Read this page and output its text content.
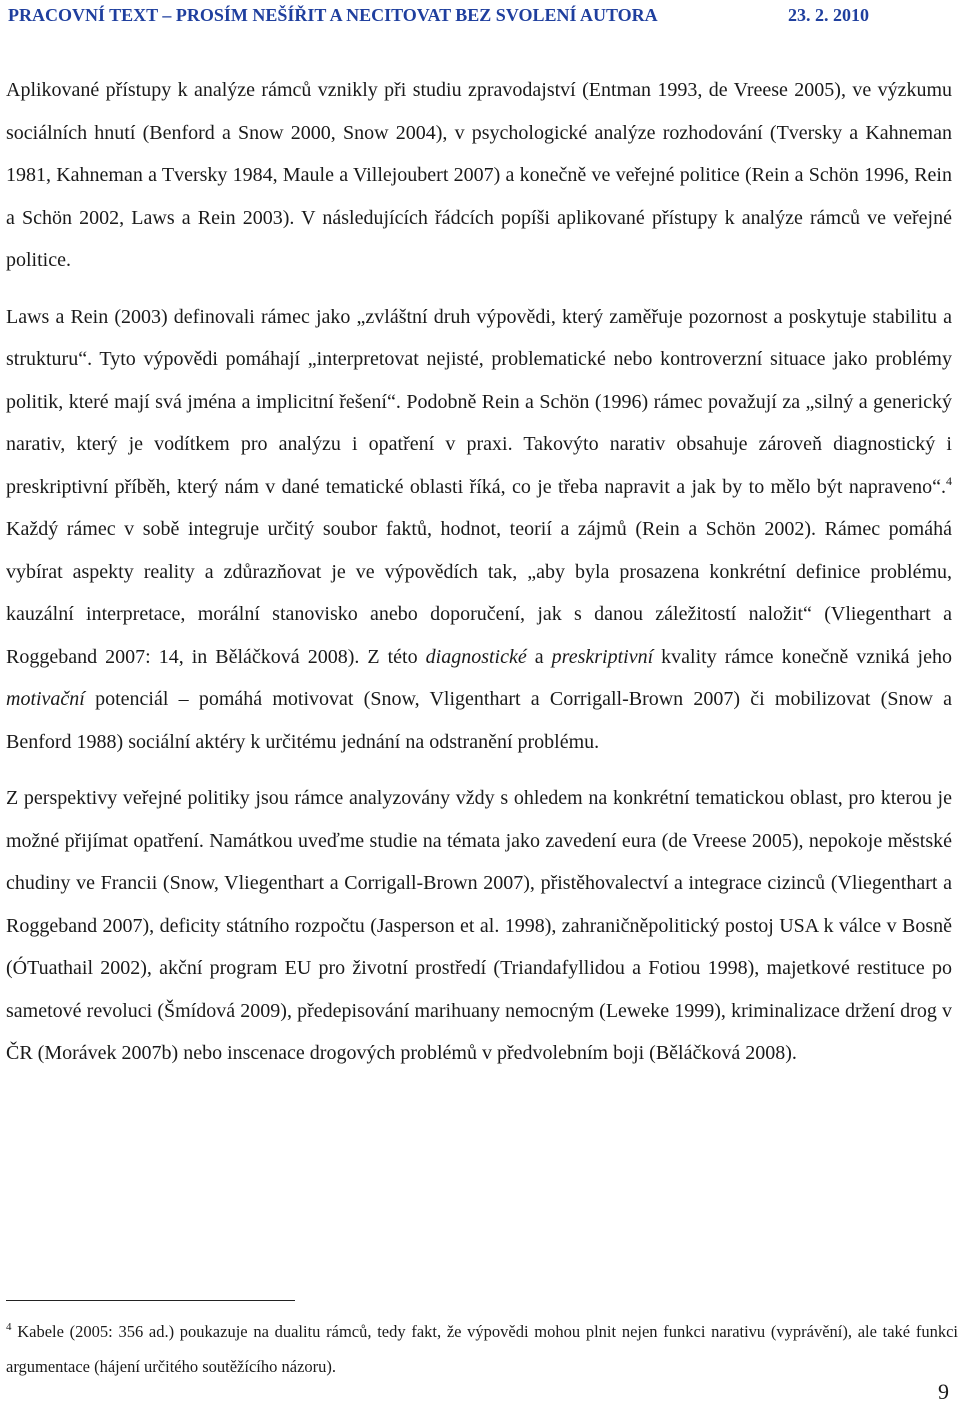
PRACOVNÍ TEXT – PROSÍM NEŠÍŘIT A NECITOVAT BEZ SVOLENÍ AUTORA	23. 2. 2010

Aplikované přístupy k analýze rámců vznikly při studiu zpravodajství (Entman 1993, de Vreese 2005), ve výzkumu sociálních hnutí (Benford a Snow 2000, Snow 2004), v psychologické analýze rozhodování (Tversky a Kahneman 1981, Kahneman a Tversky 1984, Maule a Villejoubert 2007) a konečně ve veřejné politice (Rein a Schön 1996, Rein a Schön 2002, Laws a Rein 2003). V následujících řádcích popíši aplikované přístupy k analýze rámců ve veřejné politice.

Laws a Rein (2003) definovali rámec jako „zvláštní druh výpovědi, který zaměřuje pozornost a poskytuje stabilitu a strukturu“. Tyto výpovědi pomáhají „interpretovat nejisté, problematické nebo kontroverzní situace jako problémy politik, které mají svá jména a implicitní řešení“. Podobně Rein a Schön (1996) rámec považují za „silný a generický narativ, který je vodítkem pro analýzu i opatření v praxi. Takovýto narativ obsahuje zároveň diagnostický i preskriptivní příběh, který nám v dané tematické oblasti říká, co je třeba napravit a jak by to mělo být napraveno“.$^4$ Každý rámec v sobě integruje určitý soubor faktů, hodnot, teorií a zájmů (Rein a Schön 2002). Rámec pomáhá vybírat aspekty reality a zdůrazňovat je ve výpovědích tak, „aby byla prosazena konkrétní definice problému, kauzální interpretace, morální stanovisko anebo doporučení, jak s danou záležitostí naložit“ (Vliegenthart a Roggeband 2007: 14, in Běláčková 2008). Z této diagnostické a preskriptivní kvality rámce konečně vzniká jeho motivační potenciál – pomáhá motivovat (Snow, Vligenthart a Corrigall-Brown 2007) či mobilizovat (Snow a Benford 1988) sociální aktéry k určitému jednání na odstranění problému.

Z perspektivy veřejné politiky jsou rámce analyzovány vždy s ohledem na konkrétní tematickou oblast, pro kterou je možné přijímat opatření. Namátkou uveďme studie na témata jako zavedení eura (de Vreese 2005), nepokoje městské chudiny ve Francii (Snow, Vliegenthart a Corrigall-Brown 2007), přistěhovalectví a integrace cizinců (Vliegenthart a Roggeband 2007), deficity státního rozpočtu (Jasperson et al. 1998), zahraničněpolitický postoj USA k válce v Bosně (ÓTuathail 2002), akční program EU pro životní prostředí (Triandafyllidou a Fotiou 1998), majetkové restituce po sametové revoluci (Šmídová 2009), předepisování marihuany nemocným (Leweke 1999), kriminalizace držení drog v ČR (Morávek 2007b) nebo inscenace drogových problémů v předvolebním boji (Běláčková 2008).

$^4$ Kabele (2005: 356 ad.) poukazuje na dualitu rámců, tedy fakt, že výpovědi mohou plnit nejen funkci narativu (vyprávění), ale také funkci argumentace (hájení určitého soutěžícího názoru).
9
